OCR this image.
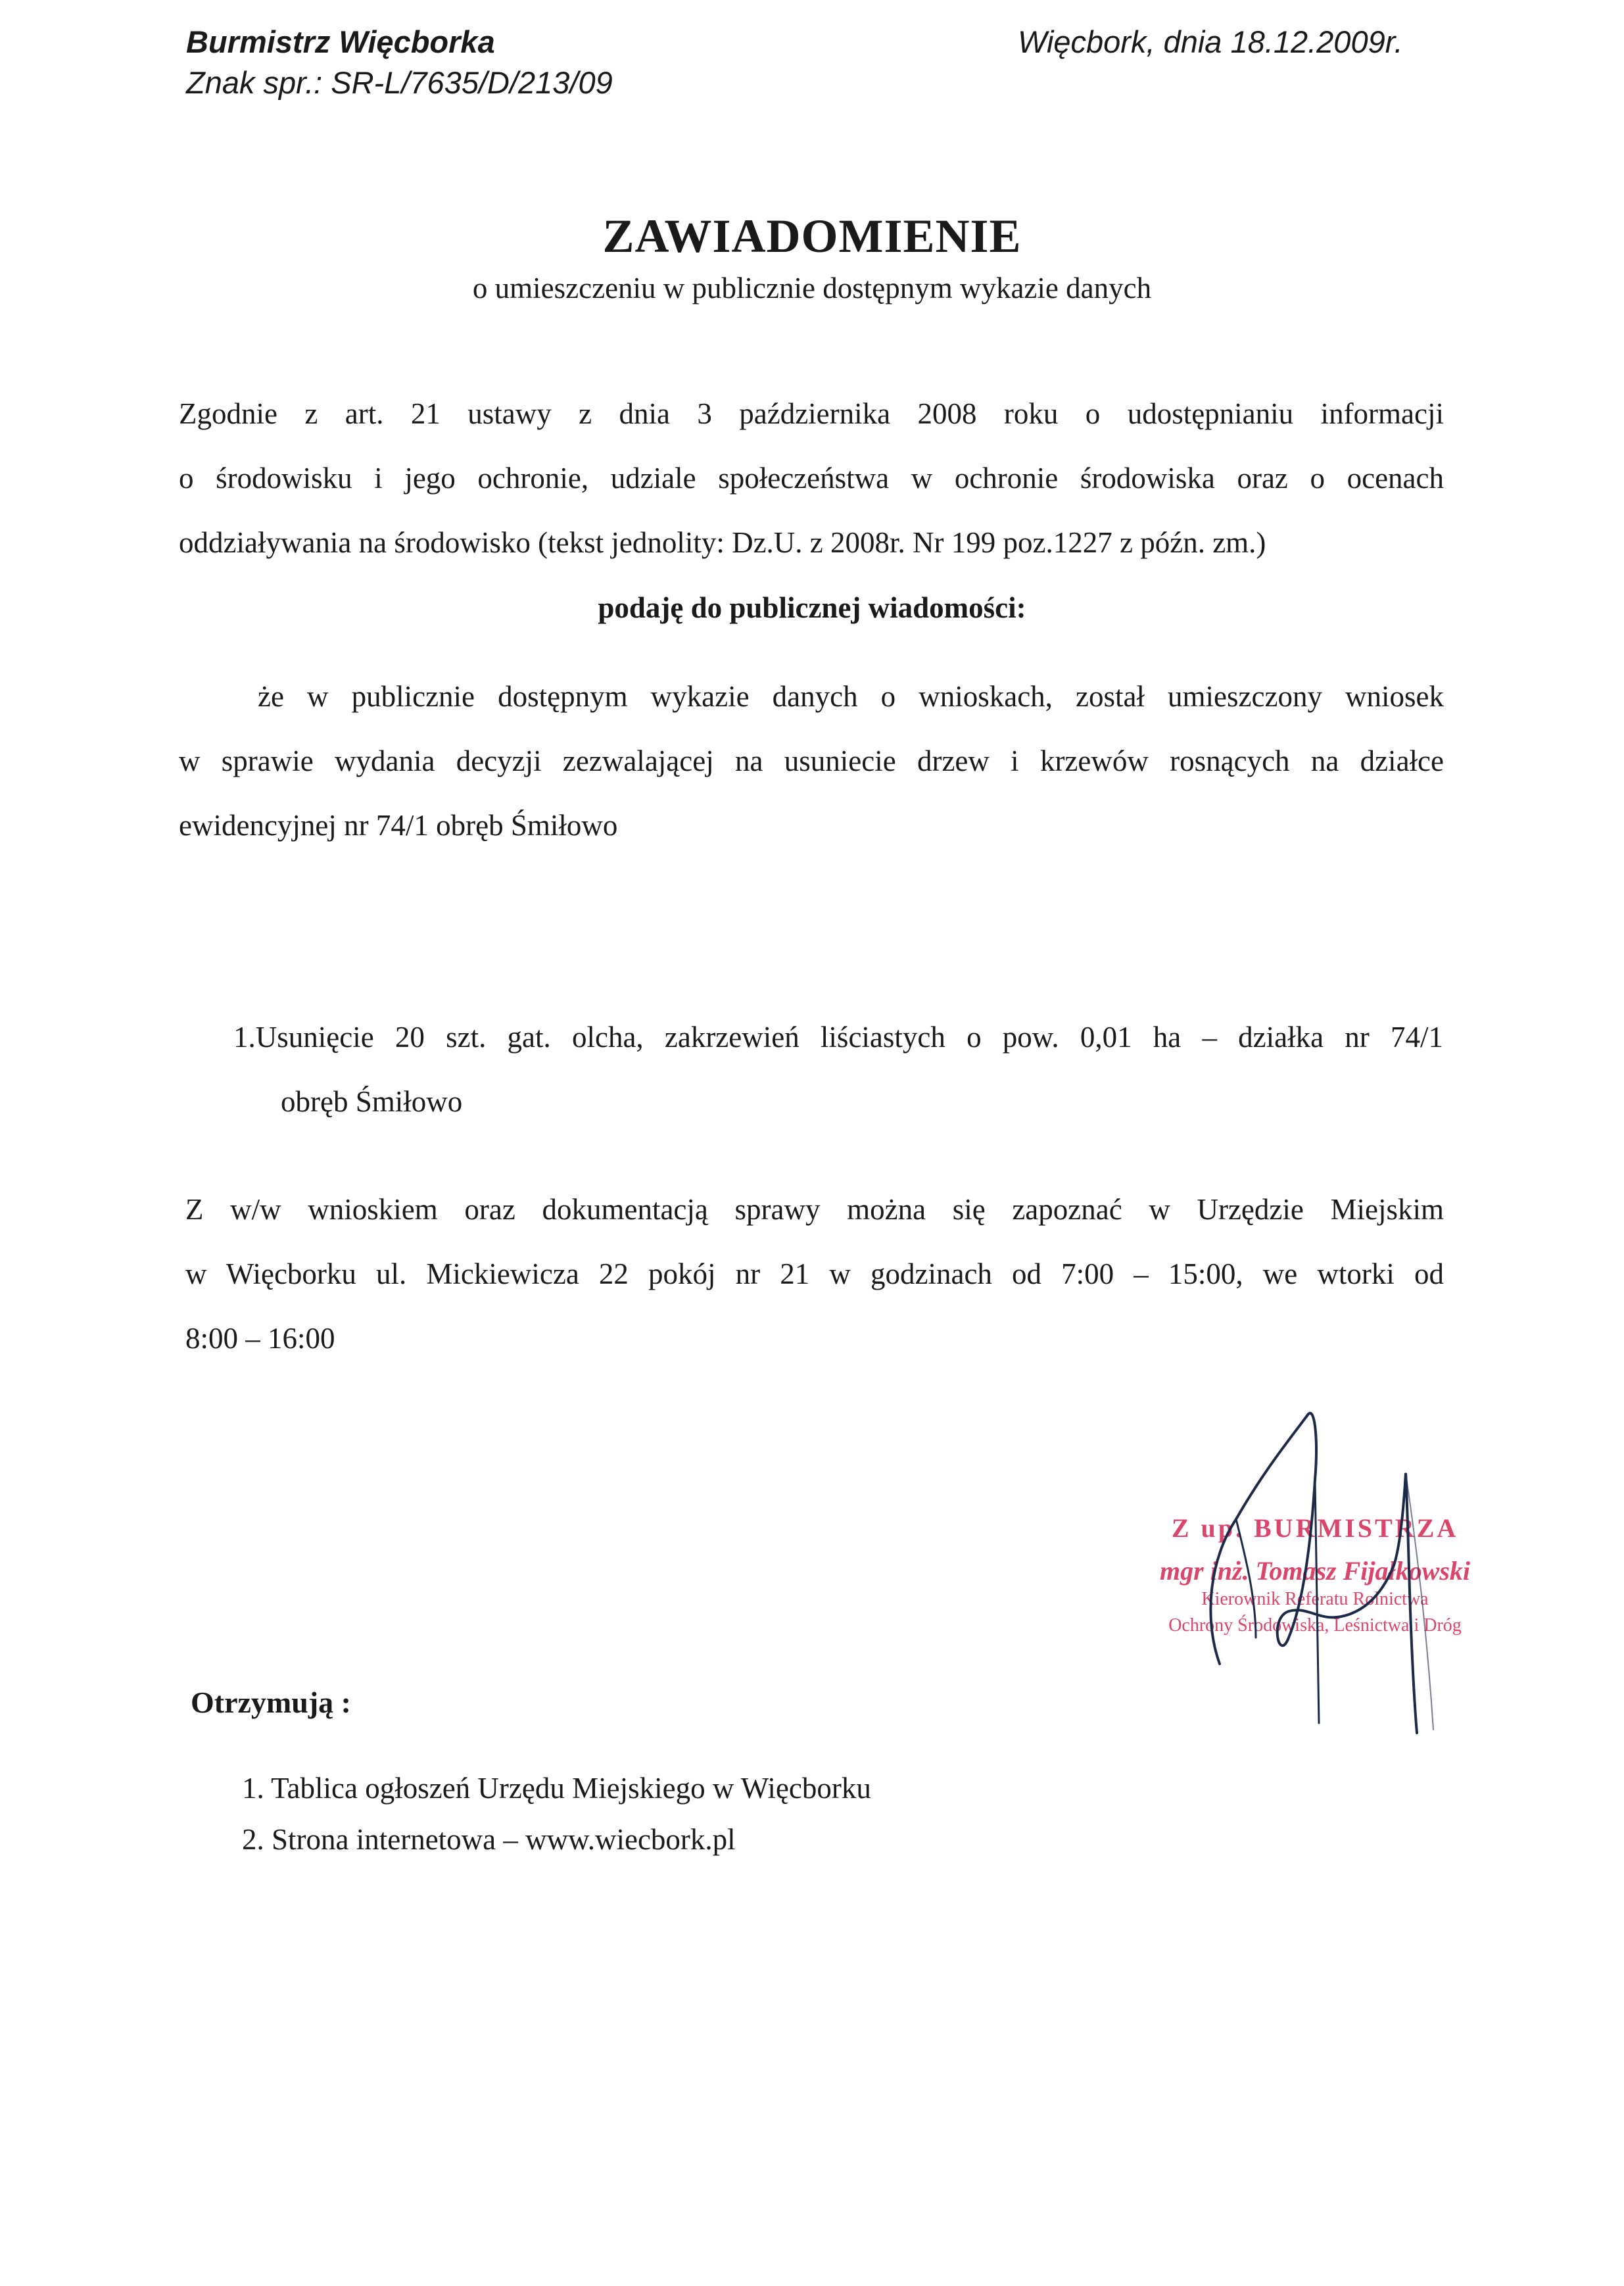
Burmistrz Więcborka
Znak spr.: SR-L/7635/D/213/09
Więcbork, dnia 18.12.2009r.
ZAWIADOMIENIE
o umieszczeniu w publicznie dostępnym wykazie danych
Zgodnie z art. 21 ustawy z dnia 3 października 2008 roku o udostępnianiu informacji
o środowisku i jego ochronie, udziale społeczeństwa w ochronie środowiska oraz o ocenach
oddziaływania na środowisko (tekst jednolity: Dz.U. z 2008r. Nr 199 poz.1227 z późn. zm.)
podaję do publicznej wiadomości:
że w publicznie dostępnym wykazie danych o wnioskach, został umieszczony wniosek
w sprawie wydania decyzji zezwalającej na usuniecie drzew i krzewów rosnących na działce
ewidencyjnej nr 74/1 obręb Śmiłowo
1.Usunięcie 20 szt. gat. olcha, zakrzewień liściastych o pow. 0,01 ha – działka nr 74/1
obręb Śmiłowo
Z w/w wnioskiem oraz dokumentacją sprawy można się zapoznać w Urzędzie Miejskim
w Więcborku ul. Mickiewicza 22 pokój nr 21 w godzinach od 7:00 – 15:00, we wtorki od
8:00 – 16:00
Z up. BURMISTRZA
mgr inż. Tomasz Fijałkowski
Kierownik Referatu Rolnictwa
Ochrony Środowiska, Leśnictwa i Dróg
Otrzymują :
1. Tablica ogłoszeń Urzędu Miejskiego w Więcborku
2. Strona internetowa – www.wiecbork.pl
